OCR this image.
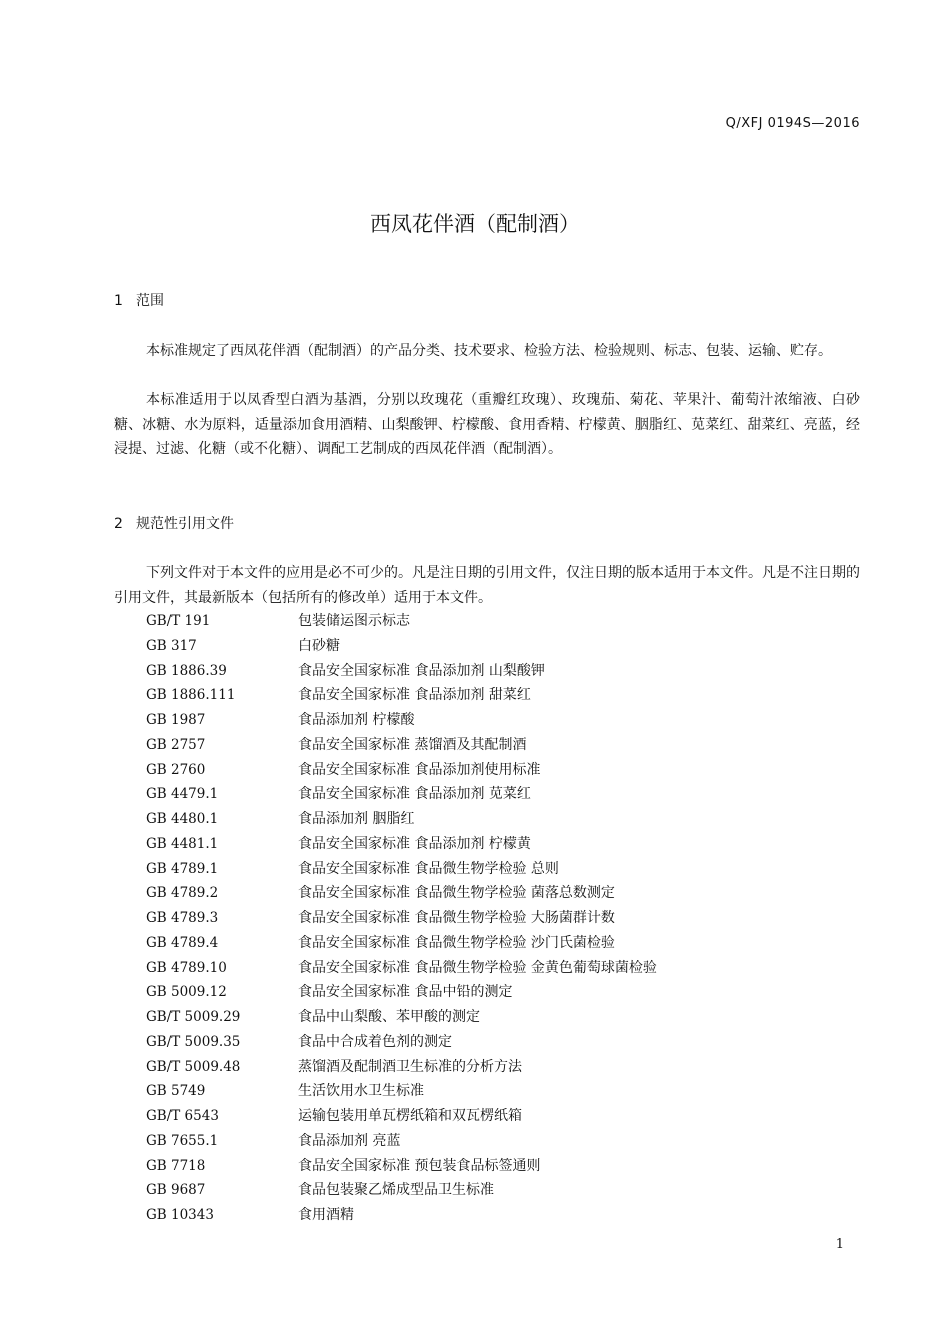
Q/XFJ 0194S—2016
西凤花伴酒（配制酒）
1 范围

本标准规定了西凤花伴酒（配制酒）的产品分类、技术要求、检验方法、检验规则、标志、包装、运输、贮存。

本标准适用于以凤香型白酒为基酒，分别以玫瑰花（重瓣红玫瑰）、玫瑰茄、菊花、苹果汁、葡萄汁浓缩液、白砂糖、冰糖、水为原料，适量添加食用酒精、山梨酸钾、柠檬酸、食用香精、柠檬黄、胭脂红、苋菜红、甜菜红、亮蓝，经浸提、过滤、化糖（或不化糖）、调配工艺制成的西凤花伴酒（配制酒）。

2 规范性引用文件

下列文件对于本文件的应用是必不可少的。凡是注日期的引用文件，仅注日期的版本适用于本文件。凡是不注日期的引用文件，其最新版本（包括所有的修改单）适用于本文件。

GB/T 191	包装储运图示标志
GB 317	白砂糖
GB 1886.39	食品安全国家标准 食品添加剂 山梨酸钾
GB 1886.111	食品安全国家标准 食品添加剂 甜菜红
GB 1987	食品添加剂 柠檬酸
GB 2757	食品安全国家标准 蒸馏酒及其配制酒
GB 2760	食品安全国家标准 食品添加剂使用标准
GB 4479.1	食品安全国家标准 食品添加剂 苋菜红
GB 4480.1	食品添加剂 胭脂红
GB 4481.1	食品安全国家标准 食品添加剂 柠檬黄
GB 4789.1	食品安全国家标准 食品微生物学检验 总则
GB 4789.2	食品安全国家标准 食品微生物学检验 菌落总数测定
GB 4789.3	食品安全国家标准 食品微生物学检验 大肠菌群计数
GB 4789.4	食品安全国家标准 食品微生物学检验 沙门氏菌检验
GB 4789.10	食品安全国家标准 食品微生物学检验 金黄色葡萄球菌检验
GB 5009.12	食品安全国家标准 食品中铅的测定
GB/T 5009.29	食品中山梨酸、苯甲酸的测定
GB/T 5009.35	食品中合成着色剂的测定
GB/T 5009.48	蒸馏酒及配制酒卫生标准的分析方法
GB 5749	生活饮用水卫生标准
GB/T 6543	运输包装用单瓦楞纸箱和双瓦楞纸箱
GB 7655.1	食品添加剂 亮蓝
GB 7718	食品安全国家标准 预包装食品标签通则
GB 9687	食品包装聚乙烯成型品卫生标准
GB 10343	食用酒精
1
